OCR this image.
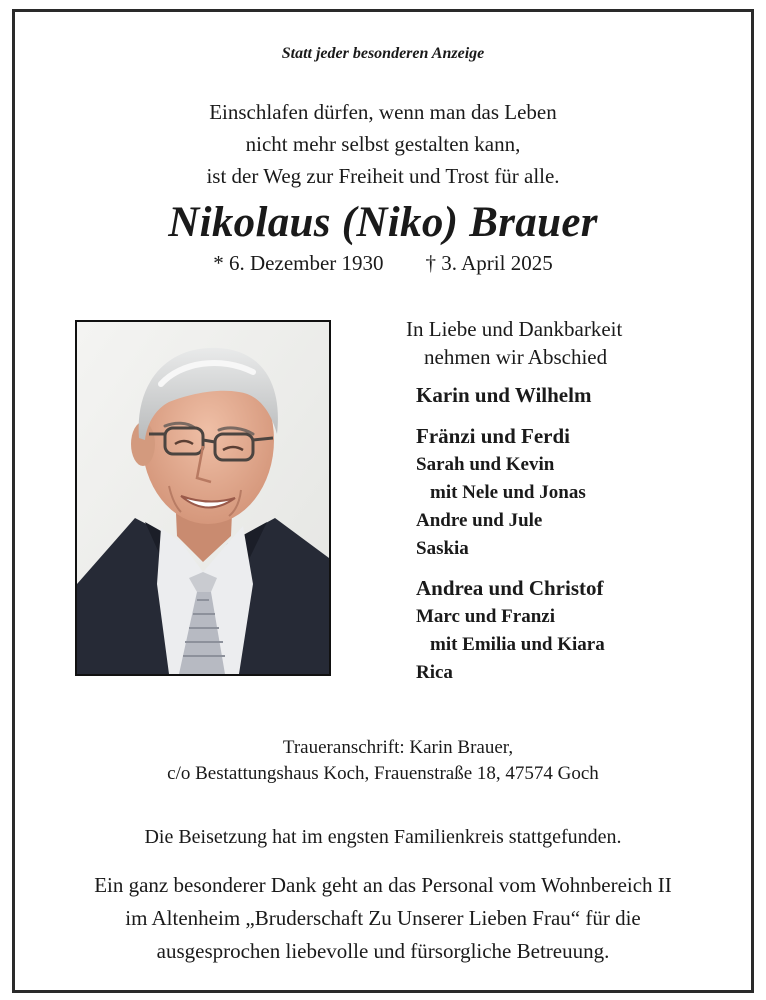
Statt jeder besonderen Anzeige
Einschlafen dürfen, wenn man das Leben
nicht mehr selbst gestalten kann,
ist der Weg zur Freiheit und Trost für alle.
Nikolaus (Niko) Brauer
* 6. Dezember 1930 † 3. April 2025
In Liebe und Dankbarkeit
nehmen wir Abschied
Karin und Wilhelm
Fränzi und Ferdi
Sarah und Kevin
mit Nele und Jonas
Andre und Jule
Saskia
Andrea und Christof
Marc und Franzi
mit Emilia und Kiara
Rica
Traueranschrift: Karin Brauer,
c/o Bestattungshaus Koch, Frauenstraße 18, 47574 Goch
Die Beisetzung hat im engsten Familienkreis stattgefunden.
Ein ganz besonderer Dank geht an das Personal vom Wohnbereich II
im Altenheim „Bruderschaft Zu Unserer Lieben Frau“ für die
ausgesprochen liebevolle und fürsorgliche Betreuung.
